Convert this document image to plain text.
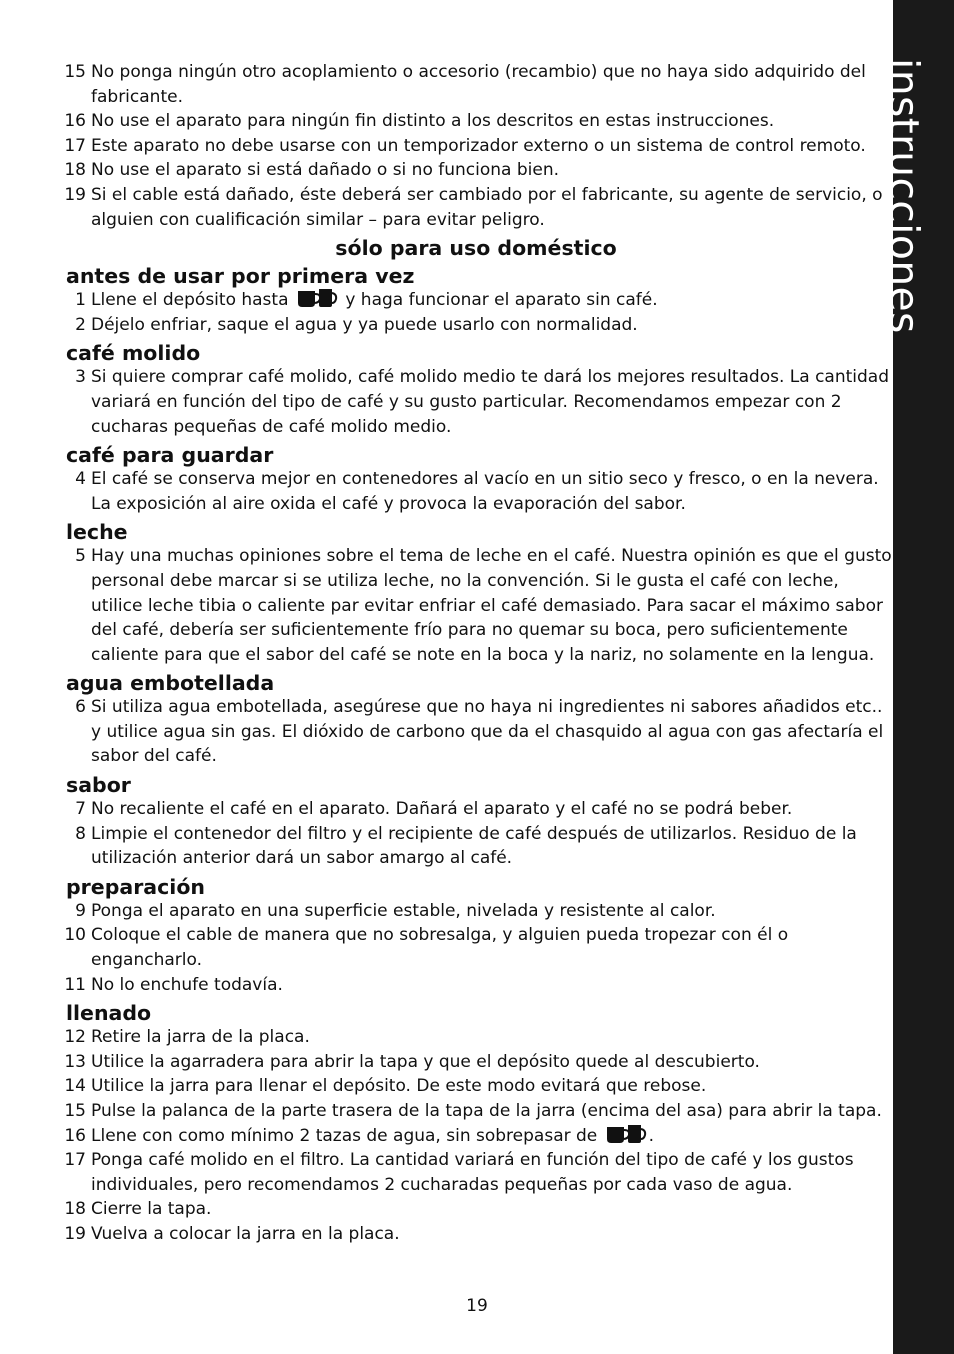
instrucciones
15 No ponga ningún otro acoplamiento o accesorio (recambio) que no haya sido adquirido del fabricante.
16 No use el aparato para ningún fin distinto a los descritos en estas instrucciones.
17 Este aparato no debe usarse con un temporizador externo o un sistema de control remoto.
18 No use el aparato si está dañado o si no funciona bien.
19 Si el cable está dañado, éste deberá ser cambiado por el fabricante, su agente de servicio, o alguien con cualificación similar – para evitar peligro.
sólo para uso doméstico
antes de usar por primera vez
1 Llene el depósito hasta	y haga funcionar el aparato sin café.
2 Déjelo enfriar, saque el agua y ya puede usarlo con normalidad.
café molido
3 Si quiere comprar café molido, café molido medio te dará los mejores resultados. La cantidad variará en función del tipo de café y su gusto particular. Recomendamos empezar con 2 cucharas pequeñas de café molido medio.
café para guardar
4 El café se conserva mejor en contenedores al vacío en un sitio seco y fresco, o en la nevera. La exposición al aire oxida el café y provoca la evaporación del sabor.
leche
5 Hay una muchas opiniones sobre el tema de leche en el café. Nuestra opinión es que el gusto personal debe marcar si se utiliza leche, no la convención. Si le gusta el café con leche, utilice leche tibia o caliente par evitar enfriar el café demasiado. Para sacar el máximo sabor del café, debería ser suficientemente frío para no quemar su boca, pero suficientemente caliente para que el sabor del café se note en la boca y la nariz, no solamente en la lengua.
agua embotellada
6 Si utiliza agua embotellada, asegúrese que no haya ni ingredientes ni sabores añadidos etc.. y utilice agua sin gas. El dióxido de carbono que da el chasquido al agua con gas afectaría el sabor del café.
sabor
7 No recaliente el café en el aparato. Dañará el aparato y el café no se podrá beber.
8 Limpie el contenedor del filtro y el recipiente de café después de utilizarlos. Residuo de la utilización anterior dará un sabor amargo al café.
preparación
9 Ponga el aparato en una superficie estable, nivelada y resistente al calor.
10 Coloque el cable de manera que no sobresalga, y alguien pueda tropezar con él o engancharlo.
11 No lo enchufe todavía.
llenado
12 Retire la jarra de la placa.
13 Utilice la agarradera para abrir la tapa y que el depósito quede al descubierto.
14 Utilice la jarra para llenar el depósito. De este modo evitará que rebose.
15 Pulse la palanca de la parte trasera de la tapa de la jarra (encima del asa) para abrir la tapa.
16 Llene con como mínimo 2 tazas de agua, sin sobrepasar de	.
17 Ponga café molido en el filtro. La cantidad variará en función del tipo de café y los gustos individuales, pero recomendamos 2 cucharadas pequeñas por cada vaso de agua.
18 Cierre la tapa.
19 Vuelva a colocar la jarra en la placa.
19
